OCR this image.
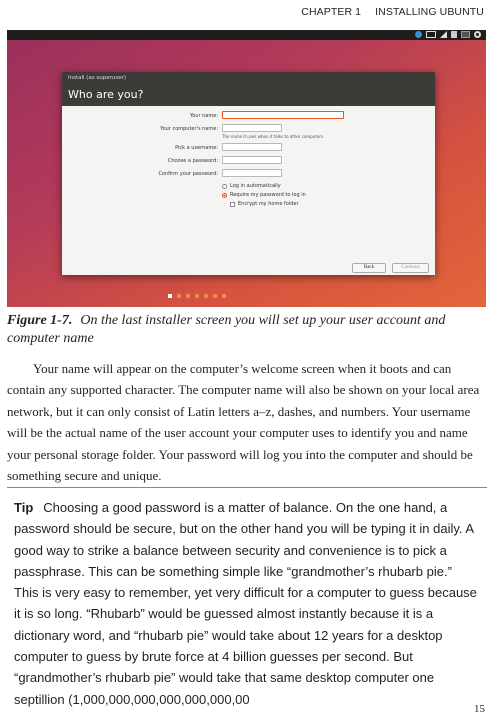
CHAPTER 1 INSTALLING UBUNTU
Install (as superuser)
Who are you?
Your name:
Your computer's name:
The name it uses when it talks to other computers.
Pick a username:
Choose a password:
Confirm your password:
Log in automatically
Require my password to log in
Encrypt my home folder
Back	Continue
Figure 1-7. On the last installer screen you will set up your user account and computer name

Your name will appear on the computer’s welcome screen when it boots and can contain any supported character. The computer name will also be shown on your local area network, but it can only consist of Latin letters a–z, dashes, and numbers. Your username will be the actual name of the user account your computer uses to identify you and name your personal storage folder. Your password will log you into the computer and should be something secure and unique.

Tip Choosing a good password is a matter of balance. On the one hand, a password should be secure, but on the other hand you will be typing it in daily. A good way to strike a balance between security and convenience is to pick a passphrase. This can be something simple like “grandmother’s rhubarb pie.” This is very easy to remember, yet very difficult for a computer to guess because it is so long. “Rhubarb” would be guessed almost instantly because it is a dictionary word, and “rhubarb pie” would take about 12 years for a desktop computer to guess by brute force at 4 billion guesses per second. But “grandmother’s rhubarb pie” would take that same desktop computer one septillion (1,000,000,000,000,000,000,00

15
